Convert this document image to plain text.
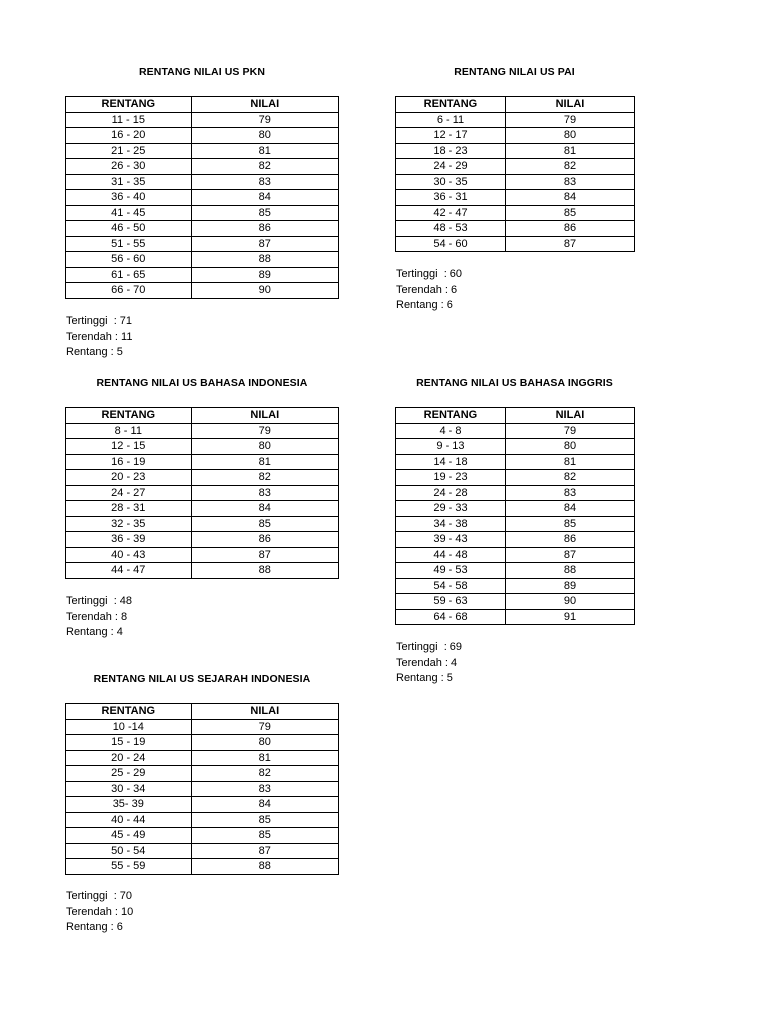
RENTANG NILAI US PKN
RENTANG	NILAI
11 - 15	79
16 - 20	80
21 - 25	81
26 - 30	82
31 - 35	83
36 - 40	84
41 - 45	85
46 - 50	86
51 - 55	87
56 - 60	88
61 - 65	89
66 - 70	90
Tertinggi  : 71
Terendah : 11
Rentang : 5
RENTANG NILAI US PAI
RENTANG	NILAI
6 - 11	79
12 - 17	80
18 - 23	81
24 - 29	82
30 - 35	83
36 - 31	84
42 - 47	85
48 - 53	86
54 - 60	87
Tertinggi  : 60
Terendah : 6
Rentang : 6
RENTANG NILAI US BAHASA INDONESIA
RENTANG	NILAI
8 - 11	79
12 - 15	80
16 - 19	81
20 - 23	82
24 - 27	83
28 - 31	84
32 - 35	85
36 - 39	86
40 - 43	87
44 - 47	88
Tertinggi  : 48
Terendah : 8
Rentang : 4
RENTANG NILAI US BAHASA INGGRIS
RENTANG	NILAI
4 - 8	79
9 - 13	80
14 - 18	81
19 - 23	82
24 - 28	83
29 - 33	84
34 - 38	85
39 - 43	86
44 - 48	87
49 - 53	88
54 - 58	89
59 - 63	90
64 - 68	91
Tertinggi  : 69
Terendah : 4
Rentang : 5
RENTANG NILAI US SEJARAH INDONESIA
RENTANG	NILAI
10 -14	79
15 - 19	80
20 - 24	81
25 - 29	82
30 - 34	83
35- 39	84
40 - 44	85
45 - 49	85
50 - 54	87
55 - 59	88
Tertinggi  : 70
Terendah : 10
Rentang : 6
